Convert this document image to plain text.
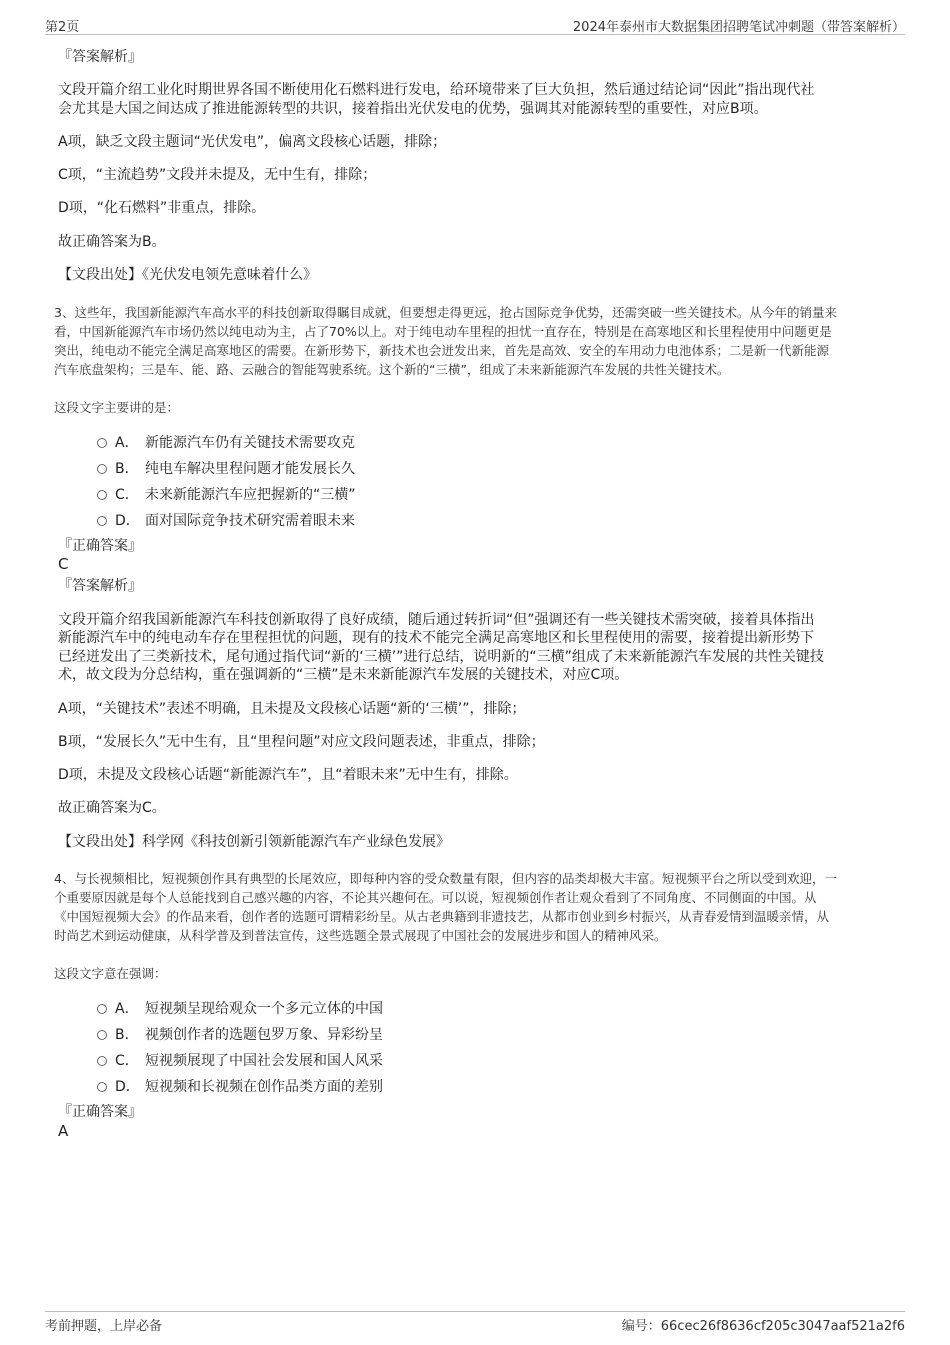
第2页	2024年泰州市大数据集团招聘笔试冲刺题（带答案解析）
『答案解析』
文段开篇介绍工业化时期世界各国不断使用化石燃料进行发电，给环境带来了巨大负担，然后通过结论词“因此”指出现代社
会尤其是大国之间达成了推进能源转型的共识，接着指出光伏发电的优势，强调其对能源转型的重要性，对应B项。
A项，缺乏文段主题词“光伏发电”，偏离文段核心话题，排除；
C项，“主流趋势”文段并未提及，无中生有，排除；
D项，“化石燃料”非重点，排除。
故正确答案为B。
【文段出处】《光伏发电领先意味着什么》
3、这些年，我国新能源汽车高水平的科技创新取得瞩目成就，但要想走得更远，抢占国际竞争优势，还需突破一些关键技术。从今年的销量来
看，中国新能源汽车市场仍然以纯电动为主，占了70%以上。对于纯电动车里程的担忧一直存在，特别是在高寒地区和长里程使用中问题更是
突出，纯电动不能完全满足高寒地区的需要。在新形势下，新技术也会迸发出来，首先是高效、安全的车用动力电池体系；二是新一代新能源
汽车底盘架构；三是车、能、路、云融合的智能驾驶系统。这个新的“三横”，组成了未来新能源汽车发展的共性关键技术。
这段文字主要讲的是：
A． 新能源汽车仍有关键技术需要攻克
B． 纯电车解决里程问题才能发展长久
C． 未来新能源汽车应把握新的“三横”
D． 面对国际竞争技术研究需着眼未来
『正确答案』
C
『答案解析』
文段开篇介绍我国新能源汽车科技创新取得了良好成绩，随后通过转折词“但”强调还有一些关键技术需突破，接着具体指出
新能源汽车中的纯电动车存在里程担忧的问题，现有的技术不能完全满足高寒地区和长里程使用的需要，接着提出新形势下
已经迸发出了三类新技术，尾句通过指代词“新的‘三横’”进行总结，说明新的“三横”组成了未来新能源汽车发展的共性关键技
术，故文段为分总结构，重在强调新的“三横”是未来新能源汽车发展的关键技术，对应C项。
A项，“关键技术”表述不明确，且未提及文段核心话题“新的‘三横’”，排除；
B项，“发展长久”无中生有，且“里程问题”对应文段问题表述，非重点，排除；
D项，未提及文段核心话题“新能源汽车”，且“着眼未来”无中生有，排除。
故正确答案为C。
【文段出处】科学网《科技创新引领新能源汽车产业绿色发展》
4、与长视频相比，短视频创作具有典型的长尾效应，即每种内容的受众数量有限，但内容的品类却极大丰富。短视频平台之所以受到欢迎，一
个重要原因就是每个人总能找到自己感兴趣的内容，不论其兴趣何在。可以说，短视频创作者让观众看到了不同角度、不同侧面的中国。从
《中国短视频大会》的作品来看，创作者的选题可谓精彩纷呈。从古老典籍到非遗技艺，从都市创业到乡村振兴，从青春爱情到温暖亲情，从
时尚艺术到运动健康，从科学普及到普法宣传，这些选题全景式展现了中国社会的发展进步和国人的精神风采。
这段文字意在强调：
A． 短视频呈现给观众一个多元立体的中国
B． 视频创作者的选题包罗万象、异彩纷呈
C． 短视频展现了中国社会发展和国人风采
D． 短视频和长视频在创作品类方面的差别
『正确答案』
A
考前押题，上岸必备	编号：66cec26f8636cf205c3047aaf521a2f6
